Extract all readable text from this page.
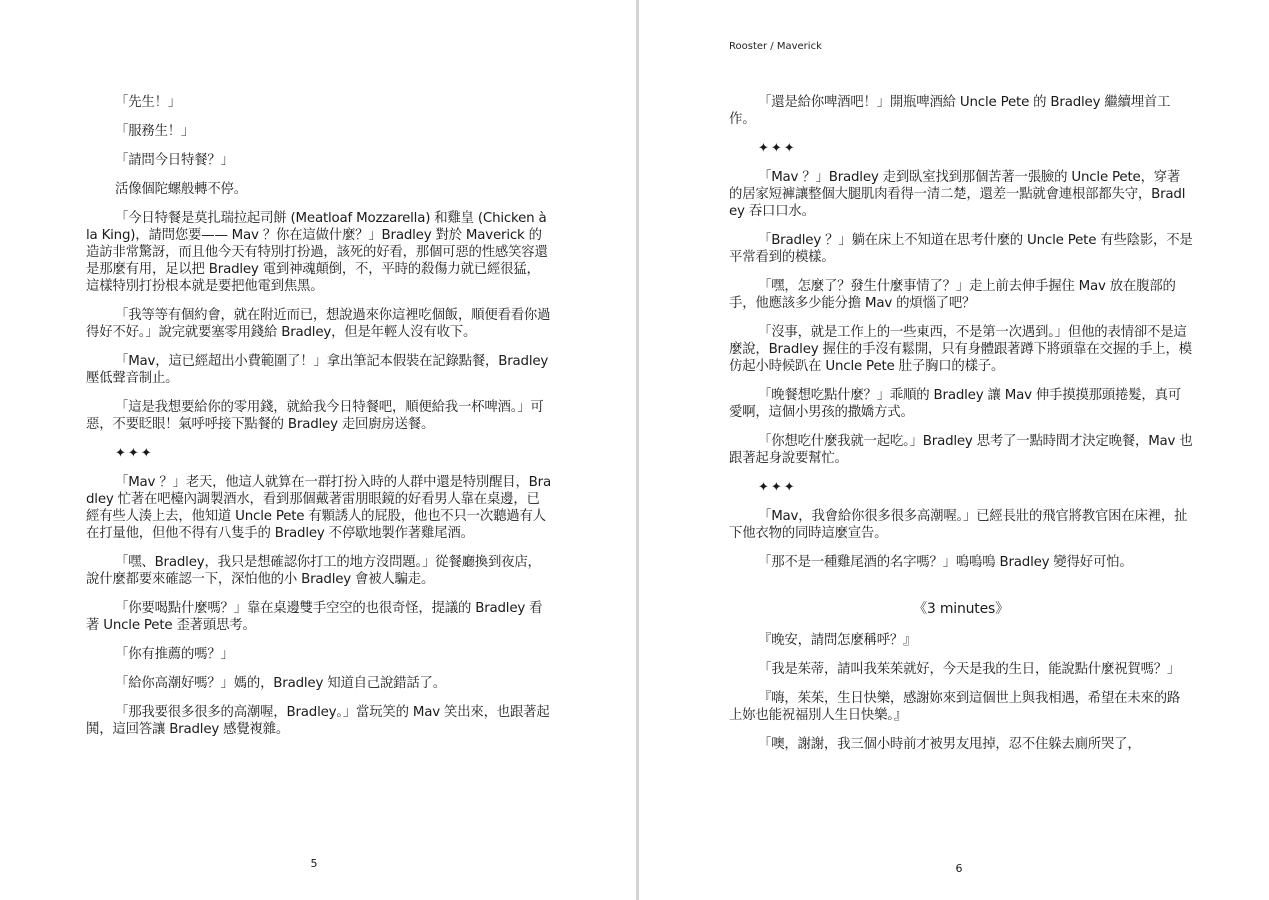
「先生！」

「服務生！」

「請問今日特餐？」

活像個陀螺般轉不停。

「今日特餐是莫扎瑞拉起司餅 (Meatloaf Mozzarella) 和雞皇 (Chicken à la King)，請問您要—— Mav ？你在這做什麼？」Bradley 對於 Maverick 的造訪非常驚訝，而且他今天有特別打扮過，該死的好看，那個可惡的性感笑容還是那麼有用，足以把 Bradley 電到神魂顛倒，不，平時的殺傷力就已經很猛，這樣特別打扮根本就是要把他電到焦黑。

「我等等有個約會，就在附近而已，想說過來你這裡吃個飯，順便看看你過得好不好。」說完就要塞零用錢給 Bradley，但是年輕人沒有收下。

「Mav，這已經超出小費範圍了！」拿出筆記本假裝在記錄點餐，Bradley 壓低聲音制止。

「這是我想要給你的零用錢，就給我今日特餐吧，順便給我一杯啤酒。」可惡，不要眨眼！氣呼呼接下點餐的 Bradley 走回廚房送餐。

✦✦✦

「Mav ？」老天，他這人就算在一群打扮入時的人群中還是特別醒目，Bradley 忙著在吧檯內調製酒水，看到那個戴著雷朋眼鏡的好看男人靠在桌邊，已經有些人湊上去，他知道 Uncle Pete 有顆誘人的屁股，他也不只一次聽過有人在打量他，但他不得有八隻手的 Bradley 不停歇地製作著雞尾酒。

「嘿、Bradley，我只是想確認你打工的地方沒問題。」從餐廳換到夜店，說什麼都要來確認一下，深怕他的小 Bradley 會被人騙走。

「你要喝點什麼嗎？」靠在桌邊雙手空空的也很奇怪，提議的 Bradley 看著 Uncle Pete 歪著頭思考。

「你有推薦的嗎？」

「給你高潮好嗎？」媽的，Bradley 知道自己說錯話了。

「那我要很多很多的高潮喔，Bradley。」當玩笑的 Mav 笑出來，也跟著起鬨，這回答讓 Bradley 感覺複雜。

5
Rooster / Maverick

「還是給你啤酒吧！」開瓶啤酒給 Uncle Pete 的 Bradley 繼續埋首工作。

✦✦✦

「Mav ？」Bradley 走到臥室找到那個苦著一張臉的 Uncle Pete，穿著的居家短褲讓整個大腿肌肉看得一清二楚，還差一點就會連根部都失守，Bradley 吞口口水。

「Bradley ？」躺在床上不知道在思考什麼的 Uncle Pete 有些陰影，不是平常看到的模樣。

「嘿，怎麼了？發生什麼事情了？」走上前去伸手握住 Mav 放在腹部的手，他應該多少能分擔 Mav 的煩惱了吧？

「沒事，就是工作上的一些東西，不是第一次遇到。」但他的表情卻不是這麼說，Bradley 握住的手沒有鬆開，只有身體跟著蹲下將頭靠在交握的手上，模仿起小時候趴在 Uncle Pete 肚子胸口的樣子。

「晚餐想吃點什麼？」乖順的 Bradley 讓 Mav 伸手摸摸那頭捲髮，真可愛啊，這個小男孩的撒嬌方式。

「你想吃什麼我就一起吃。」Bradley 思考了一點時間才決定晚餐，Mav 也跟著起身說要幫忙。

✦✦✦

「Mav，我會給你很多很多高潮喔。」已經長壯的飛官將教官困在床裡，扯下他衣物的同時這麼宣告。

「那不是一種雞尾酒的名字嗎？」嗚嗚嗚 Bradley 變得好可怕。

《3 minutes》

『晚安，請問怎麼稱呼？』

「我是茱蒂，請叫我茱茱就好，今天是我的生日，能說點什麼祝賀嗎？」

『嗨，茱茱，生日快樂，感謝妳來到這個世上與我相遇，希望在未來的路上妳也能祝福別人生日快樂。』

「噢，謝謝，我三個小時前才被男友甩掉，忍不住躲去廁所哭了，

6
